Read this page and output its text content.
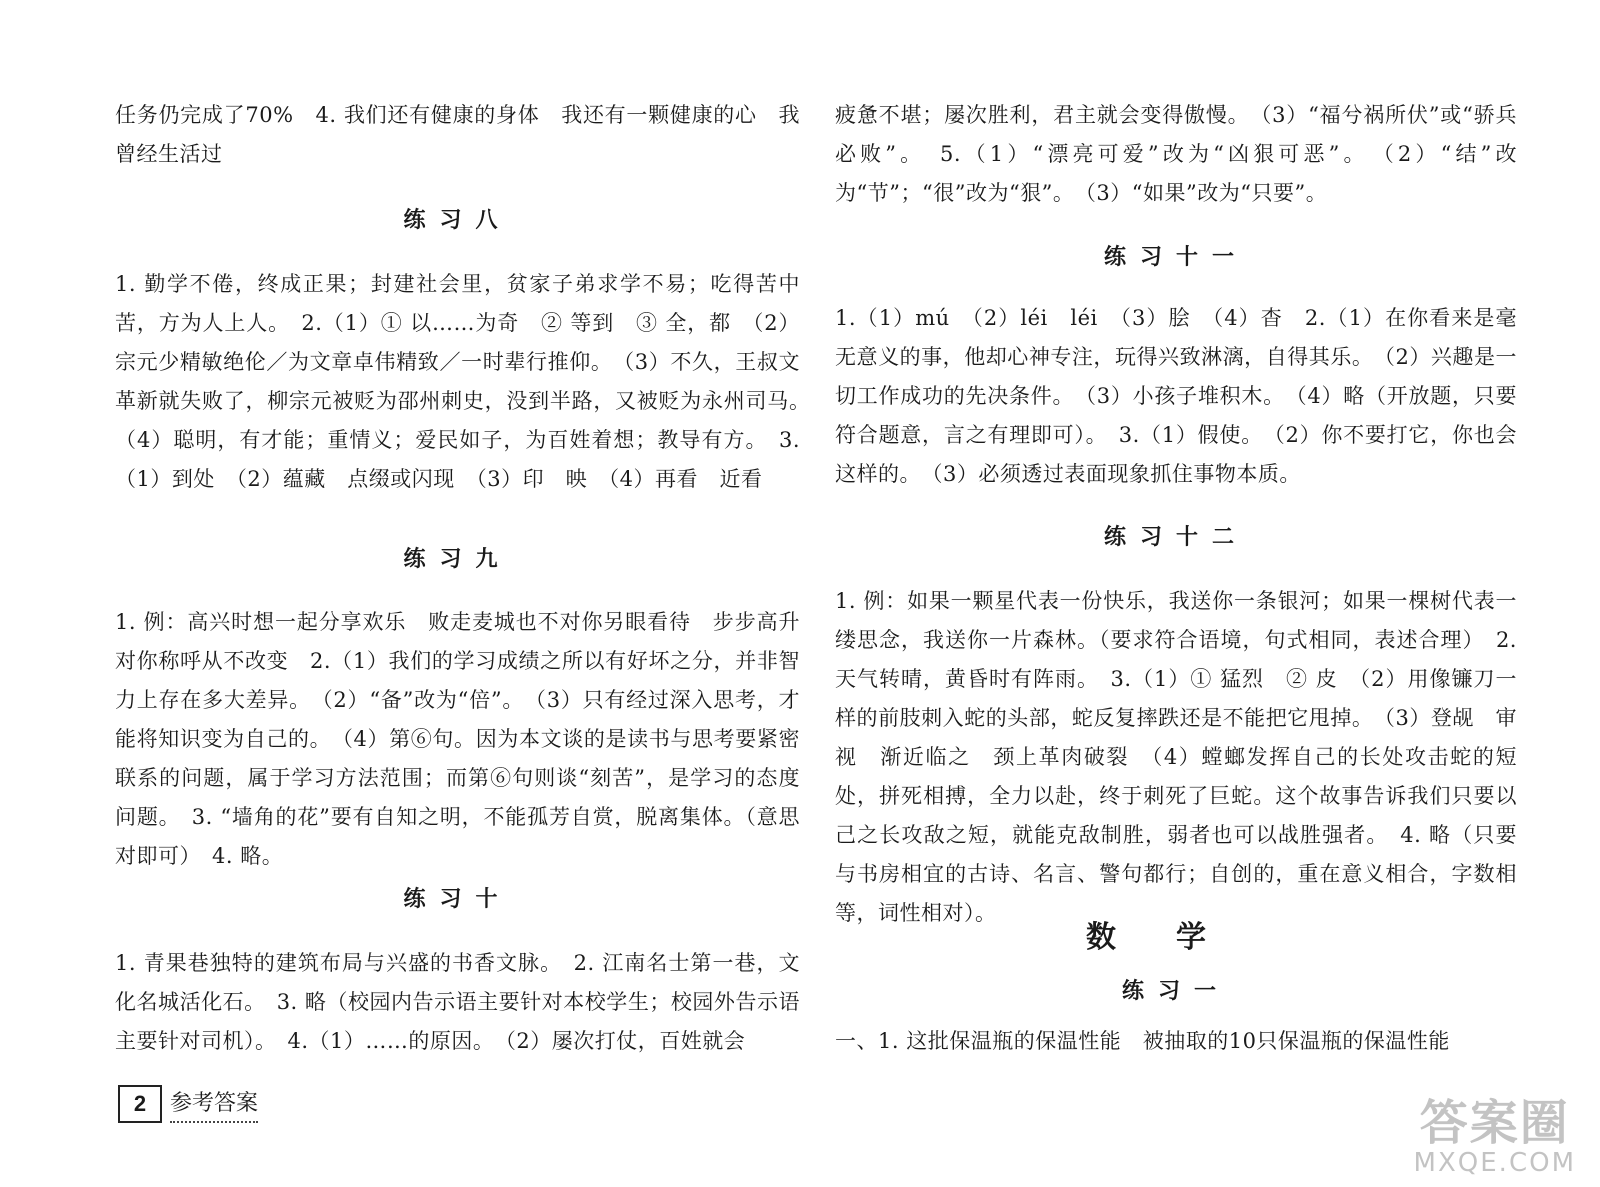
任务仍完成了70%　4. 我们还有健康的身体　我还有一颗健康的心　我曾经生活过

练习八

1. 勤学不倦，终成正果；封建社会里，贫家子弟求学不易；吃得苦中苦，方为人上人。　2.（1）① 以……为奇　② 等到　③ 全，都　（2）宗元少精敏绝伦／为文章卓伟精致／一时辈行推仰。　（3）不久，王叔文革新就失败了，柳宗元被贬为邵州刺史，没到半路，又被贬为永州司马。　（4）聪明，有才能；重情义；爱民如子，为百姓着想；教导有方。　3.（1）到处　（2）蕴藏　点缀或闪现　（3）印　映　（4）再看　近看

练习九

1. 例：高兴时想一起分享欢乐　败走麦城也不对你另眼看待　步步高升对你称呼从不改变　2.（1）我们的学习成绩之所以有好坏之分，并非智力上存在多大差异。　（2）“备”改为“倍”。　（3）只有经过深入思考，才能将知识变为自己的。　（4）第⑥句。因为本文谈的是读书与思考要紧密联系的问题，属于学习方法范围；而第⑥句则谈“刻苦”，是学习的态度问题。　3. “墙角的花”要有自知之明，不能孤芳自赏，脱离集体。（意思对即可）　4. 略。

练习十

1. 青果巷独特的建筑布局与兴盛的书香文脉。　2. 江南名士第一巷，文化名城活化石。　3. 略（校园内告示语主要针对本校学生；校园外告示语主要针对司机）。　4.（1）……的原因。　（2）屡次打仗，百姓就会

疲惫不堪；屡次胜利，君主就会变得傲慢。　（3）“福兮祸所伏”或“骄兵必败”。　5.（1）“漂亮可爱”改为“凶狠可恶”。　（2）“结”改为“节”；“很”改为“狠”。　（3）“如果”改为“只要”。

练习十一

1.（1）mú　（2）léi　léi　（3）脍　（4）杳　2.（1）在你看来是毫无意义的事，他却心神专注，玩得兴致淋漓，自得其乐。　（2）兴趣是一切工作成功的先决条件。　（3）小孩子堆积木。　（4）略（开放题，只要符合题意，言之有理即可）。　3.（1）假使。　（2）你不要打它，你也会这样的。　（3）必须透过表面现象抓住事物本质。

练习十二

1. 例：如果一颗星代表一份快乐，我送你一条银河；如果一棵树代表一缕思念，我送你一片森林。（要求符合语境，句式相同，表述合理）　2. 天气转晴，黄昏时有阵雨。　3.（1）① 猛烈　② 皮　（2）用像镰刀一样的前肢刺入蛇的头部，蛇反复摔跌还是不能把它甩掉。　（3）登觇　审视　渐近临之　颈上革肉破裂　（4）螳螂发挥自己的长处攻击蛇的短处，拼死相搏，全力以赴，终于刺死了巨蛇。这个故事告诉我们只要以己之长攻敌之短，就能克敌制胜，弱者也可以战胜强者。　4. 略（只要与书房相宜的古诗、名言、警句都行；自创的，重在意义相合，字数相等，词性相对）。

数学
练习一

一、1. 这批保温瓶的保温性能　被抽取的10只保温瓶的保温性能

2	参考答案	答案圈
MXQE.COM
